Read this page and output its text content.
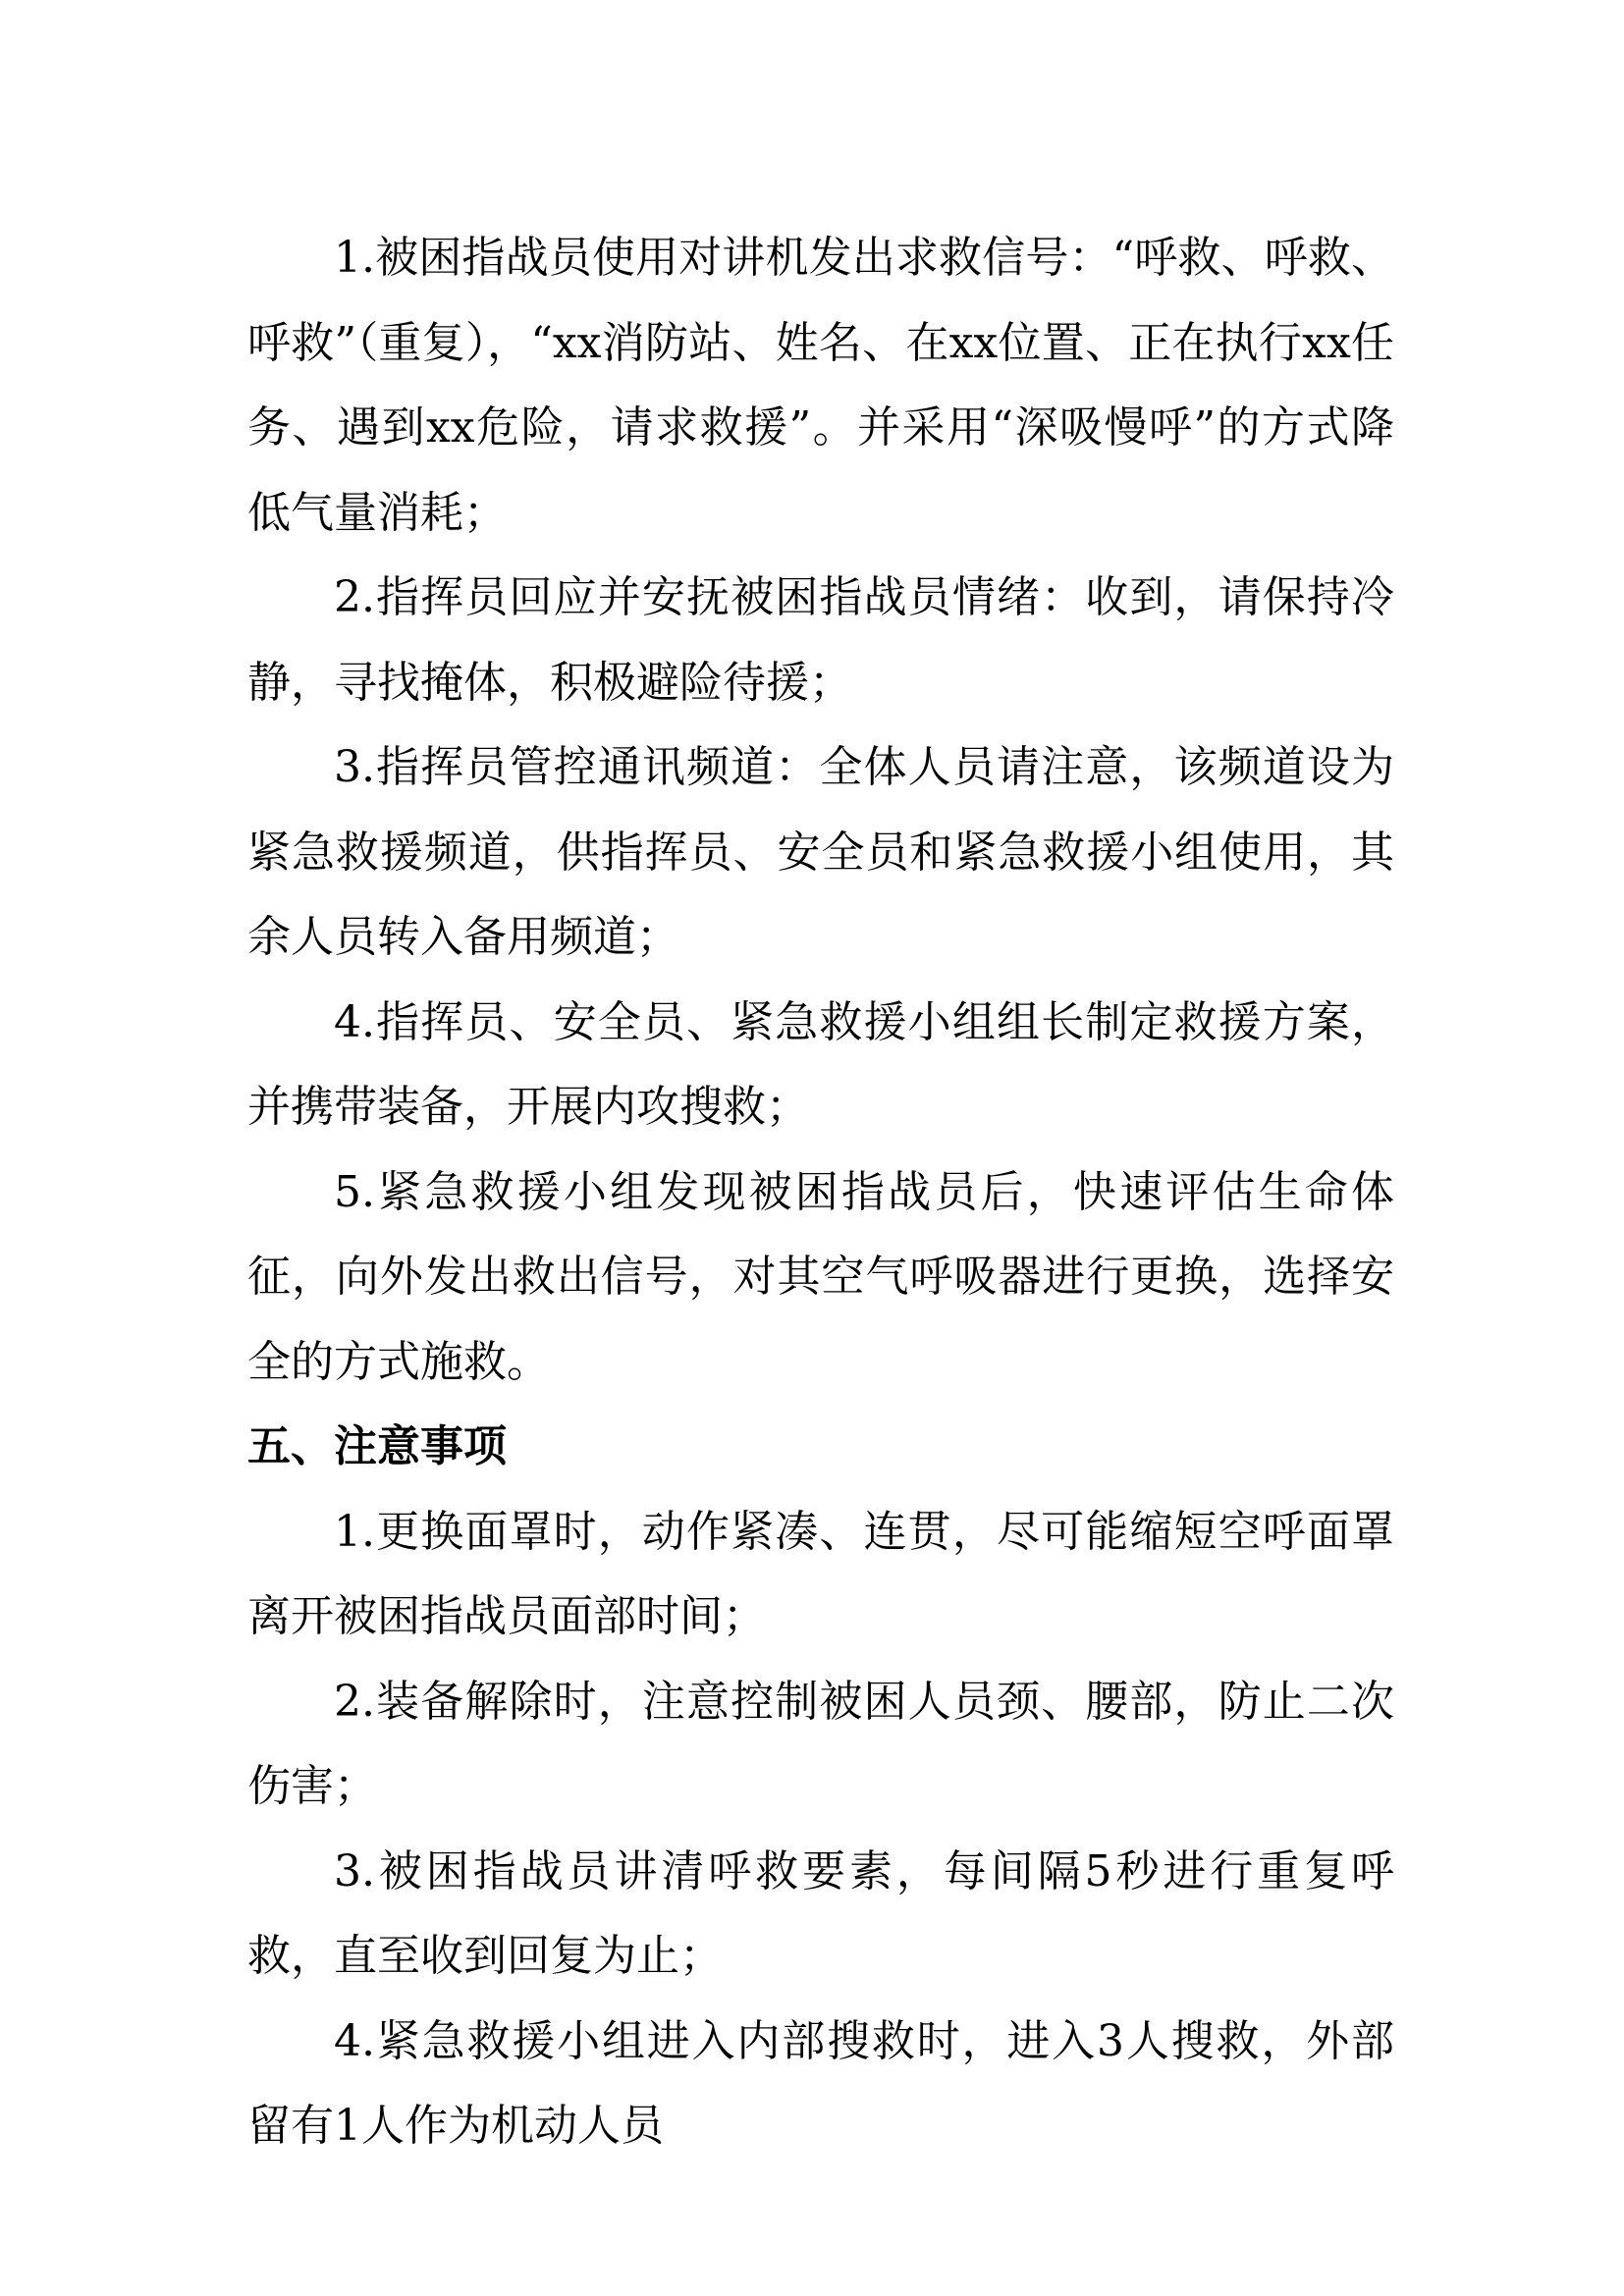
1.被困指战员使用对讲机发出求救信号：“呼救、呼救、呼救”（重复），“xx消防站、姓名、在xx位置、正在执行xx任务、遇到xx危险，请求救援”。并采用“深吸慢呼”的方式降低气量消耗；

2.指挥员回应并安抚被困指战员情绪：收到，请保持冷静，寻找掩体，积极避险待援；

3.指挥员管控通讯频道：全体人员请注意，该频道设为紧急救援频道，供指挥员、安全员和紧急救援小组使用，其余人员转入备用频道；

4.指挥员、安全员、紧急救援小组组长制定救援方案，并携带装备，开展内攻搜救；

5.紧急救援小组发现被困指战员后，快速评估生命体征，向外发出救出信号，对其空气呼吸器进行更换，选择安全的方式施救。

五、注意事项

1.更换面罩时，动作紧凑、连贯，尽可能缩短空呼面罩离开被困指战员面部时间；

2.装备解除时，注意控制被困人员颈、腰部，防止二次伤害；

3.被困指战员讲清呼救要素，每间隔5秒进行重复呼救，直至收到回复为止；

4.紧急救援小组进入内部搜救时，进入3人搜救，外部留有1人作为机动人员
